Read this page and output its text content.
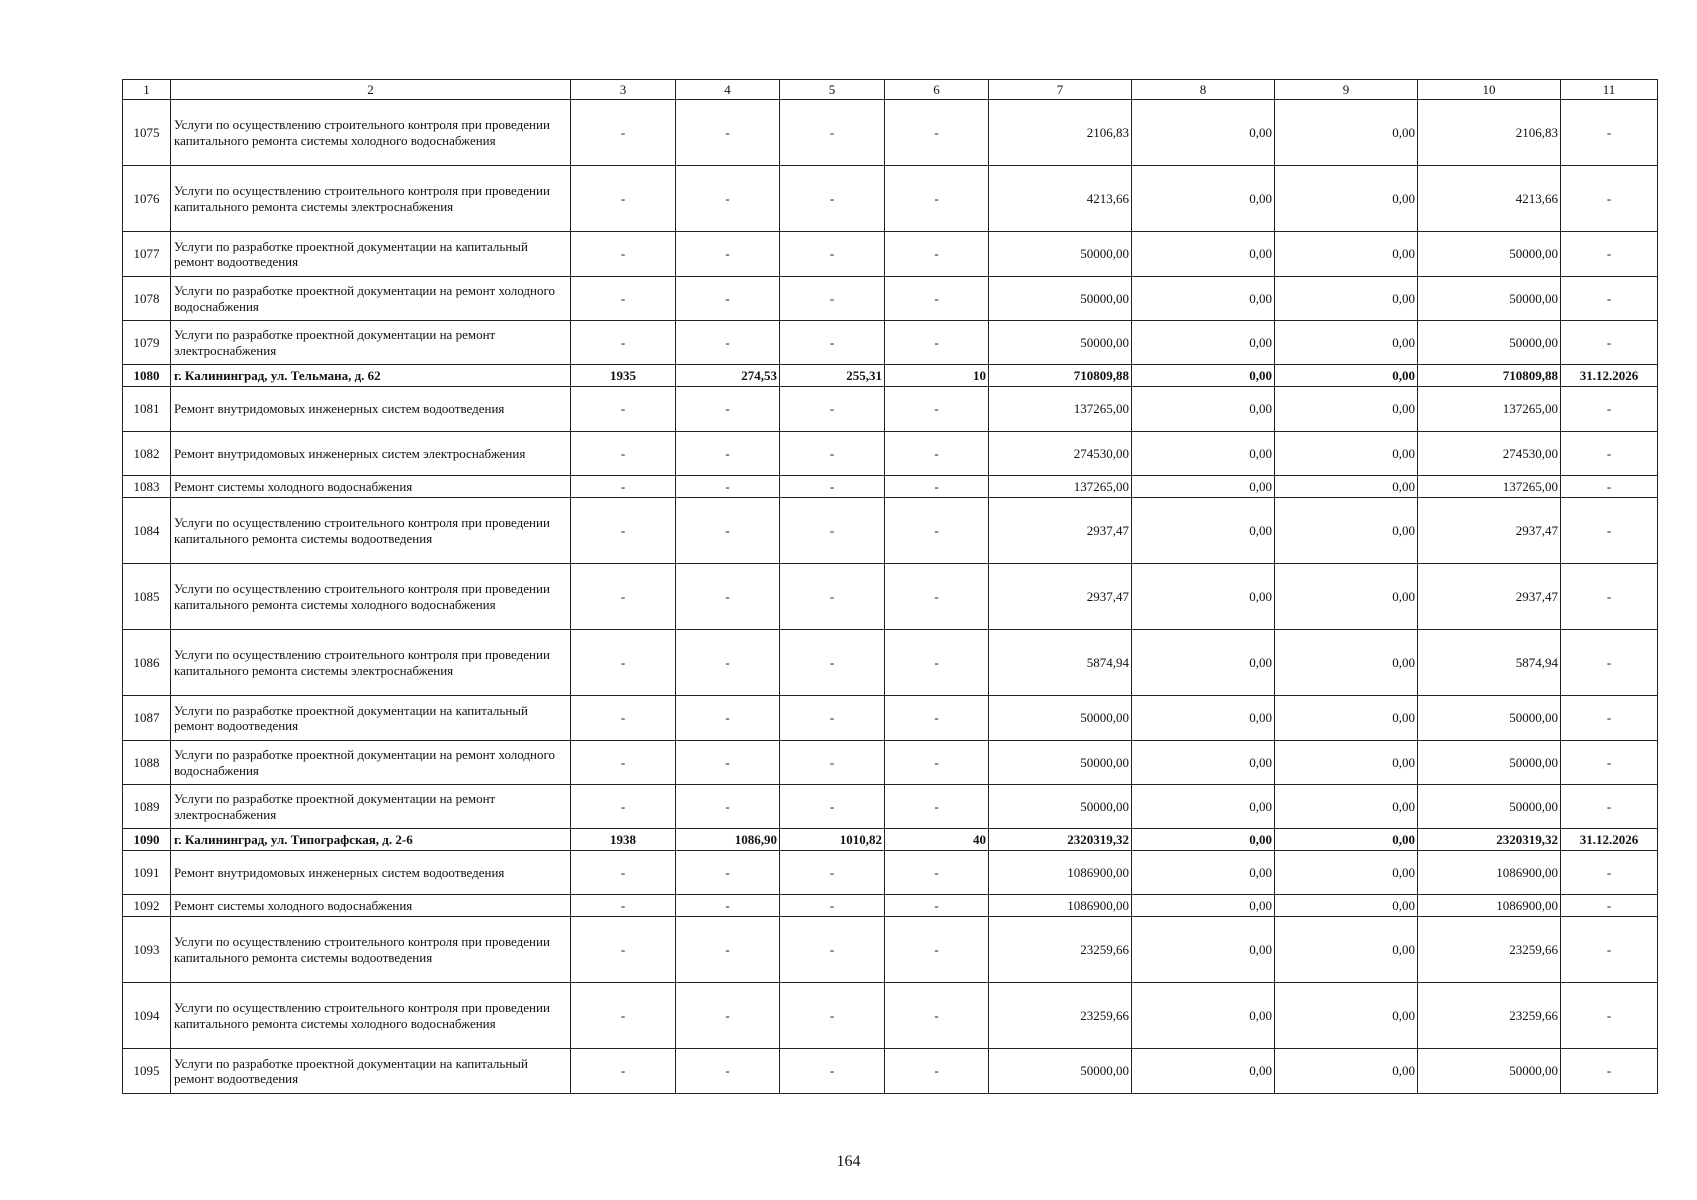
1	2	3	4	5	6	7	8	9	10	11
1075	Услуги по осуществлению строительного контроля при проведении капитального ремонта системы холодного водоснабжения	-	-	-	-	2106,83	0,00	0,00	2106,83	-
1076	Услуги по осуществлению строительного контроля при проведении капитального ремонта системы электроснабжения	-	-	-	-	4213,66	0,00	0,00	4213,66	-
1077	Услуги по разработке проектной документации на капитальный ремонт водоотведения	-	-	-	-	50000,00	0,00	0,00	50000,00	-
1078	Услуги по разработке проектной документации на ремонт холодного водоснабжения	-	-	-	-	50000,00	0,00	0,00	50000,00	-
1079	Услуги по разработке проектной документации на ремонт электроснабжения	-	-	-	-	50000,00	0,00	0,00	50000,00	-
1080	г. Калининград, ул. Тельмана, д. 62	1935	274,53	255,31	10	710809,88	0,00	0,00	710809,88	31.12.2026
1081	Ремонт внутридомовых инженерных систем водоотведения	-	-	-	-	137265,00	0,00	0,00	137265,00	-
1082	Ремонт внутридомовых инженерных систем электроснабжения	-	-	-	-	274530,00	0,00	0,00	274530,00	-
1083	Ремонт системы холодного водоснабжения	-	-	-	-	137265,00	0,00	0,00	137265,00	-
1084	Услуги по осуществлению строительного контроля при проведении капитального ремонта системы водоотведения	-	-	-	-	2937,47	0,00	0,00	2937,47	-
1085	Услуги по осуществлению строительного контроля при проведении капитального ремонта системы холодного водоснабжения	-	-	-	-	2937,47	0,00	0,00	2937,47	-
1086	Услуги по осуществлению строительного контроля при проведении капитального ремонта системы электроснабжения	-	-	-	-	5874,94	0,00	0,00	5874,94	-
1087	Услуги по разработке проектной документации на капитальный ремонт водоотведения	-	-	-	-	50000,00	0,00	0,00	50000,00	-
1088	Услуги по разработке проектной документации на ремонт холодного водоснабжения	-	-	-	-	50000,00	0,00	0,00	50000,00	-
1089	Услуги по разработке проектной документации на ремонт электроснабжения	-	-	-	-	50000,00	0,00	0,00	50000,00	-
1090	г. Калининград, ул. Типографская, д. 2-6	1938	1086,90	1010,82	40	2320319,32	0,00	0,00	2320319,32	31.12.2026
1091	Ремонт внутридомовых инженерных систем водоотведения	-	-	-	-	1086900,00	0,00	0,00	1086900,00	-
1092	Ремонт системы холодного водоснабжения	-	-	-	-	1086900,00	0,00	0,00	1086900,00	-
1093	Услуги по осуществлению строительного контроля при проведении капитального ремонта системы водоотведения	-	-	-	-	23259,66	0,00	0,00	23259,66	-
1094	Услуги по осуществлению строительного контроля при проведении капитального ремонта системы холодного водоснабжения	-	-	-	-	23259,66	0,00	0,00	23259,66	-
1095	Услуги по разработке проектной документации на капитальный ремонт водоотведения	-	-	-	-	50000,00	0,00	0,00	50000,00	-
164
